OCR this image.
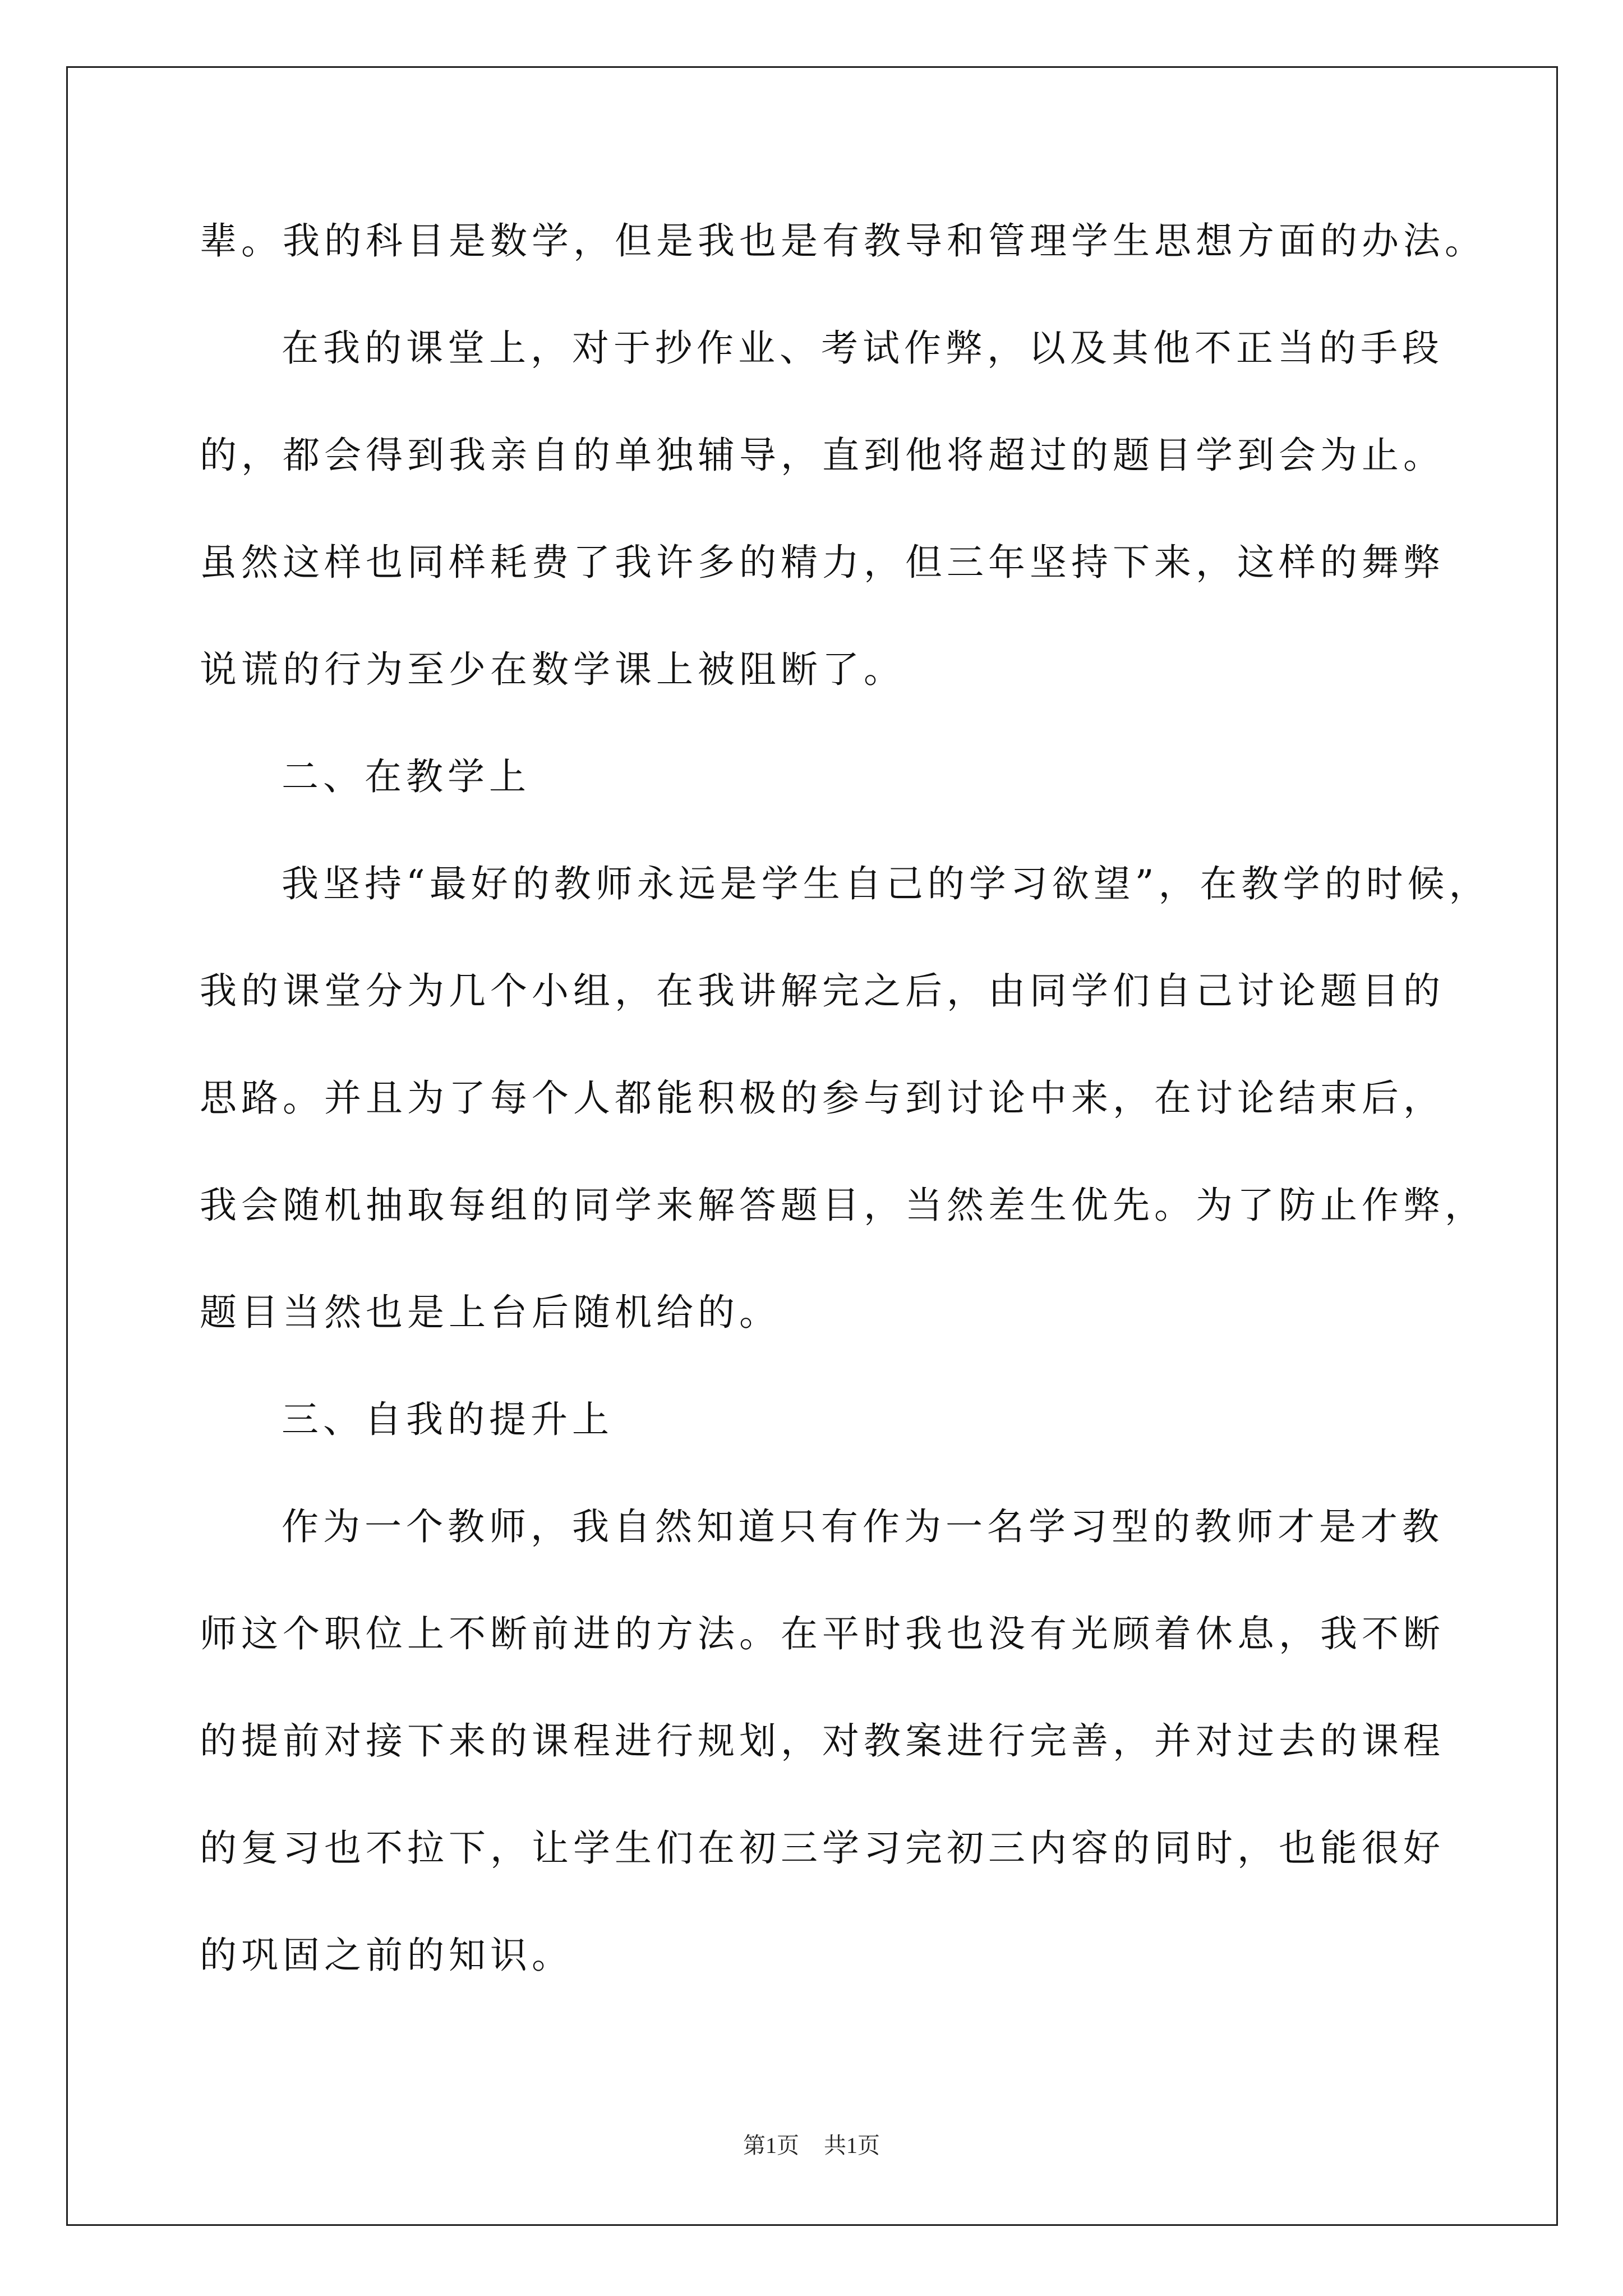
辈。我的科目是数学，但是我也是有教导和管理学生思想方面的办法。
在我的课堂上，对于抄作业、考试作弊，以及其他不正当的手段
的，都会得到我亲自的单独辅导，直到他将超过的题目学到会为止。
虽然这样也同样耗费了我许多的精力，但三年坚持下来，这样的舞弊
说谎的行为至少在数学课上被阻断了。
二、在教学上
我坚持“最好的教师永远是学生自己的学习欲望”，在教学的时候，
我的课堂分为几个小组，在我讲解完之后，由同学们自己讨论题目的
思路。并且为了每个人都能积极的参与到讨论中来，在讨论结束后，
我会随机抽取每组的同学来解答题目，当然差生优先。为了防止作弊，
题目当然也是上台后随机给的。
三、自我的提升上
作为一个教师，我自然知道只有作为一名学习型的教师才是才教
师这个职位上不断前进的方法。在平时我也没有光顾着休息，我不断
的提前对接下来的课程进行规划，对教案进行完善，并对过去的课程
的复习也不拉下，让学生们在初三学习完初三内容的同时，也能很好
的巩固之前的知识。
第1页 共1页
